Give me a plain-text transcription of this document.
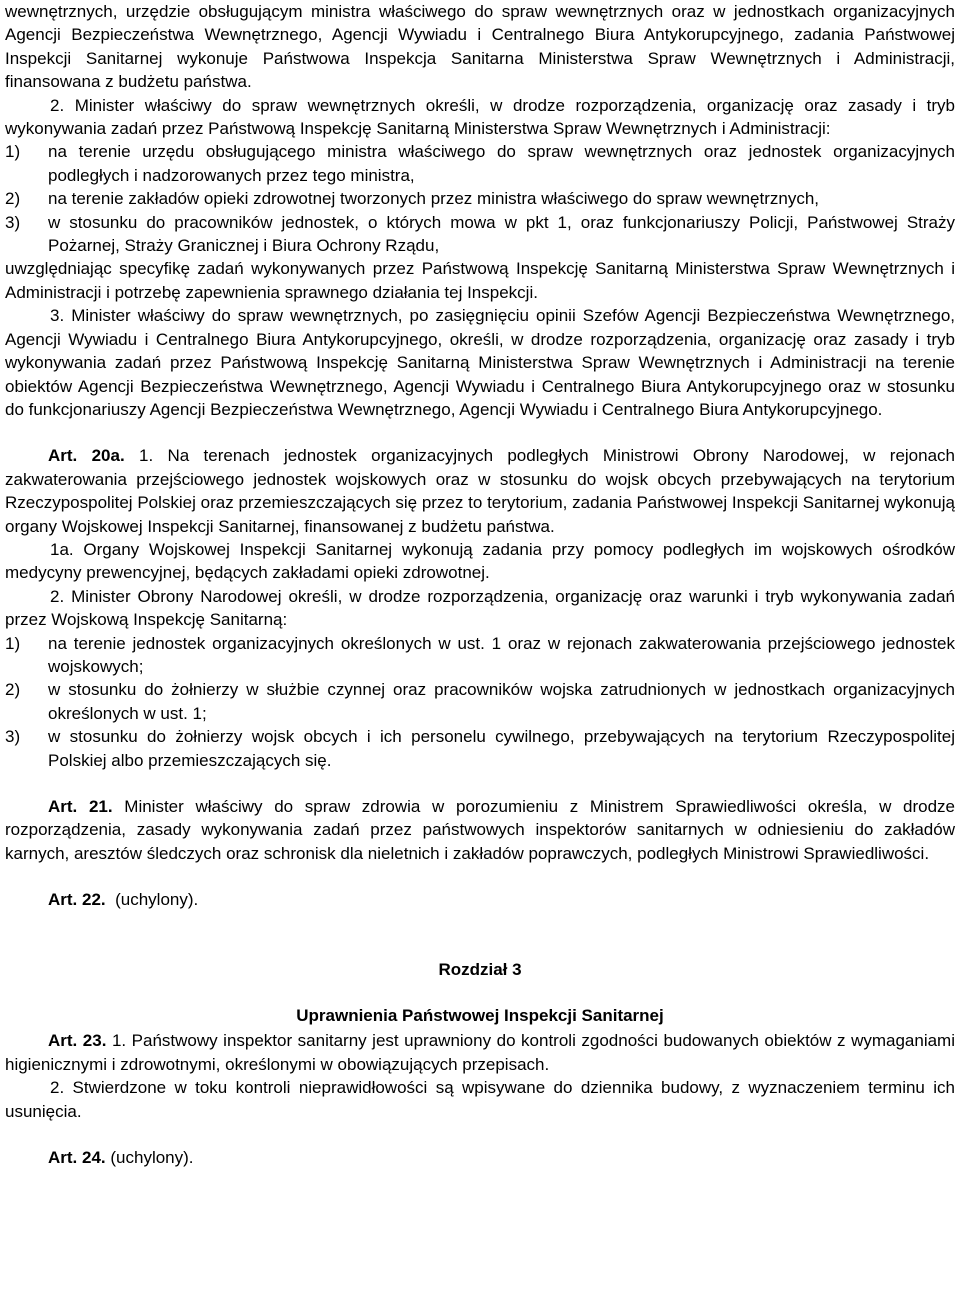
wewnętrznych, urzędzie obsługującym ministra właściwego do spraw wewnętrznych oraz w jednostkach organizacyjnych Agencji Bezpieczeństwa Wewnętrznego, Agencji Wywiadu i Centralnego Biura Antykorupcyjnego, zadania Państwowej Inspekcji Sanitarnej wykonuje Państwowa Inspekcja Sanitarna Ministerstwa Spraw Wewnętrznych i Administracji, finansowana z budżetu państwa.

2. Minister właściwy do spraw wewnętrznych określi, w drodze rozporządzenia, organizację oraz zasady i tryb wykonywania zadań przez Państwową Inspekcję Sanitarną Ministerstwa Spraw Wewnętrznych i Administracji:

1)	na terenie urzędu obsługującego ministra właściwego do spraw wewnętrznych oraz jednostek organizacyjnych podległych i nadzorowanych przez tego ministra,
2)	na terenie zakładów opieki zdrowotnej tworzonych przez ministra właściwego do spraw wewnętrznych,
3)	w stosunku do pracowników jednostek, o których mowa w pkt 1, oraz funkcjonariuszy Policji, Państwowej Straży Pożarnej, Straży Granicznej i Biura Ochrony Rządu,

uwzględniając specyfikę zadań wykonywanych przez Państwową Inspekcję Sanitarną Ministerstwa Spraw Wewnętrznych i Administracji i potrzebę zapewnienia sprawnego działania tej Inspekcji.

3. Minister właściwy do spraw wewnętrznych, po zasięgnięciu opinii Szefów Agencji Bezpieczeństwa Wewnętrznego, Agencji Wywiadu i Centralnego Biura Antykorupcyjnego, określi, w drodze rozporządzenia, organizację oraz zasady i tryb wykonywania zadań przez Państwową Inspekcję Sanitarną Ministerstwa Spraw Wewnętrznych i Administracji na terenie obiektów Agencji Bezpieczeństwa Wewnętrznego, Agencji Wywiadu i Centralnego Biura Antykorupcyjnego oraz w stosunku do funkcjonariuszy Agencji Bezpieczeństwa Wewnętrznego, Agencji Wywiadu i Centralnego Biura Antykorupcyjnego.

Art. 20a. 1. Na terenach jednostek organizacyjnych podległych Ministrowi Obrony Narodowej, w rejonach zakwaterowania przejściowego jednostek wojskowych oraz w stosunku do wojsk obcych przebywających na terytorium Rzeczypospolitej Polskiej oraz przemieszczających się przez to terytorium, zadania Państwowej Inspekcji Sanitarnej wykonują organy Wojskowej Inspekcji Sanitarnej, finansowanej z budżetu państwa.

1a. Organy Wojskowej Inspekcji Sanitarnej wykonują zadania przy pomocy podległych im wojskowych ośrodków medycyny prewencyjnej, będących zakładami opieki zdrowotnej.

2. Minister Obrony Narodowej określi, w drodze rozporządzenia, organizację oraz warunki i tryb wykonywania zadań przez Wojskową Inspekcję Sanitarną:

1)	na terenie jednostek organizacyjnych określonych w ust. 1 oraz w rejonach zakwaterowania przejściowego jednostek wojskowych;
2)	w stosunku do żołnierzy w służbie czynnej oraz pracowników wojska zatrudnionych w jednostkach organizacyjnych określonych w ust. 1;
3)	w stosunku do żołnierzy wojsk obcych i ich personelu cywilnego, przebywających na terytorium Rzeczypospolitej Polskiej albo przemieszczających się.

Art. 21. Minister właściwy do spraw zdrowia w porozumieniu z Ministrem Sprawiedliwości określa, w drodze rozporządzenia, zasady wykonywania zadań przez państwowych inspektorów sanitarnych w odniesieniu do zakładów karnych, aresztów śledczych oraz schronisk dla nieletnich i zakładów poprawczych, podległych Ministrowi Sprawiedliwości.

Art. 22. (uchylony).

Rozdział 3

Uprawnienia Państwowej Inspekcji Sanitarnej

Art. 23. 1. Państwowy inspektor sanitarny jest uprawniony do kontroli zgodności budowanych obiektów z wymaganiami higienicznymi i zdrowotnymi, określonymi w obowiązujących przepisach.

2. Stwierdzone w toku kontroli nieprawidłowości są wpisywane do dziennika budowy, z wyznaczeniem terminu ich usunięcia.

Art. 24. (uchylony).
